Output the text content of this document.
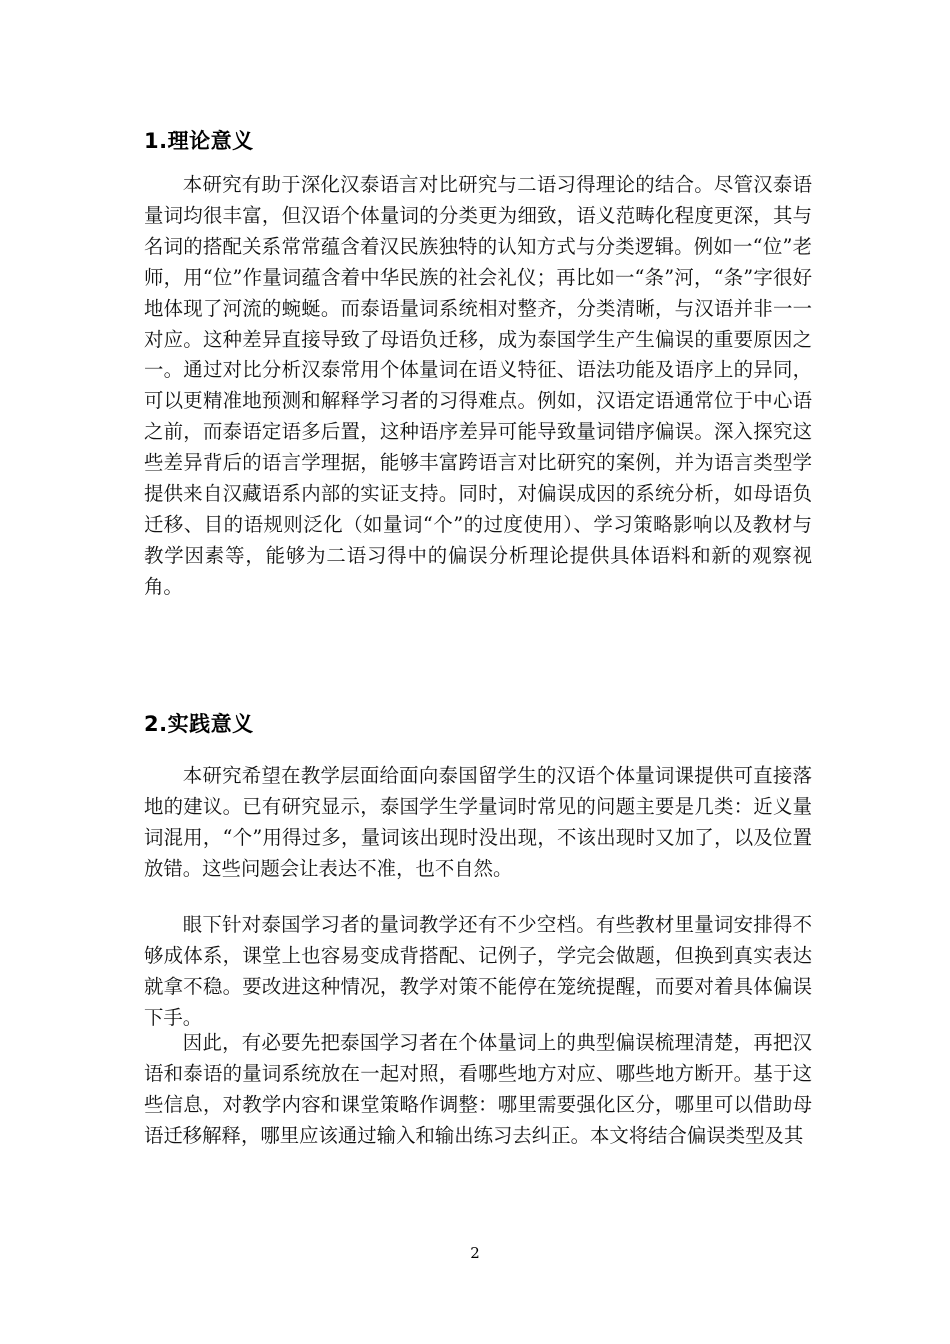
1.理论意义

本研究有助于深化汉泰语言对比研究与二语习得理论的结合。尽管汉泰语量词均很丰富，但汉语个体量词的分类更为细致，语义范畴化程度更深，其与名词的搭配关系常常蕴含着汉民族独特的认知方式与分类逻辑。例如一“位”老师，用“位”作量词蕴含着中华民族的社会礼仪；再比如一“条”河，“条”字很好地体现了河流的蜿蜒。而泰语量词系统相对整齐，分类清晰，与汉语并非一一对应。这种差异直接导致了母语负迁移，成为泰国学生产生偏误的重要原因之一。通过对比分析汉泰常用个体量词在语义特征、语法功能及语序上的异同，可以更精准地预测和解释学习者的习得难点。例如，汉语定语通常位于中心语之前，而泰语定语多后置，这种语序差异可能导致量词错序偏误。深入探究这些差异背后的语言学理据，能够丰富跨语言对比研究的案例，并为语言类型学提供来自汉藏语系内部的实证支持。同时，对偏误成因的系统分析，如母语负迁移、目的语规则泛化（如量词“个”的过度使用）、学习策略影响以及教材与教学因素等，能够为二语习得中的偏误分析理论提供具体语料和新的观察视角。

2.实践意义

本研究希望在教学层面给面向泰国留学生的汉语个体量词课提供可直接落地的建议。已有研究显示，泰国学生学量词时常见的问题主要是几类：近义量词混用，“个”用得过多，量词该出现时没出现，不该出现时又加了，以及位置放错。这些问题会让表达不准，也不自然。

眼下针对泰国学习者的量词教学还有不少空档。有些教材里量词安排得不够成体系，课堂上也容易变成背搭配、记例子，学完会做题，但换到真实表达就拿不稳。要改进这种情况，教学对策不能停在笼统提醒，而要对着具体偏误下手。

因此，有必要先把泰国学习者在个体量词上的典型偏误梳理清楚，再把汉语和泰语的量词系统放在一起对照，看哪些地方对应、哪些地方断开。基于这些信息，对教学内容和课堂策略作调整：哪里需要强化区分，哪里可以借助母语迁移解释，哪里应该通过输入和输出练习去纠正。本文将结合偏误类型及其

2
